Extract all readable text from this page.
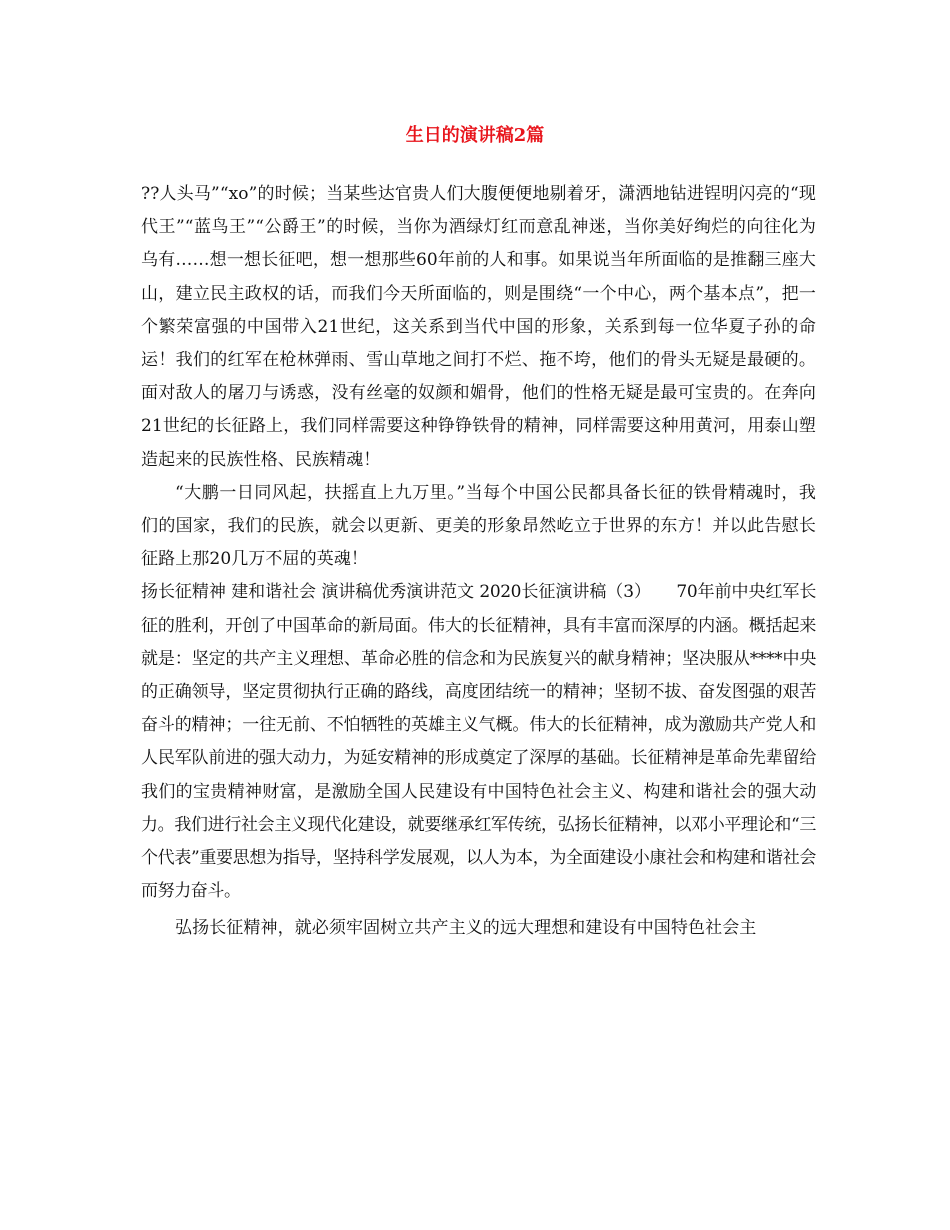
生日的演讲稿2篇

??人头马”“xo”的时候；当某些达官贵人们大腹便便地剔着牙，潇洒地钻进锃明闪亮的“现代王”“蓝鸟王”“公爵王”的时候，当你为酒绿灯红而意乱神迷，当你美好绚烂的向往化为乌有……想一想长征吧，想一想那些60年前的人和事。如果说当年所面临的是推翻三座大山，建立民主政权的话，而我们今天所面临的，则是围绕“一个中心，两个基本点”，把一个繁荣富强的中国带入21世纪，这关系到当代中国的形象，关系到每一位华夏子孙的命运！我们的红军在枪林弹雨、雪山草地之间打不烂、拖不垮，他们的骨头无疑是最硬的。面对敌人的屠刀与诱惑，没有丝毫的奴颜和媚骨，他们的性格无疑是最可宝贵的。在奔向21世纪的长征路上，我们同样需要这种铮铮铁骨的精神，同样需要这种用黄河，用泰山塑造起来的民族性格、民族精魂！

“大鹏一日同风起，扶摇直上九万里。”当每个中国公民都具备长征的铁骨精魂时，我们的国家，我们的民族，就会以更新、更美的形象昂然屹立于世界的东方！并以此告慰长征路上那20几万不屈的英魂！

扬长征精神 建和谐社会 演讲稿优秀演讲范文 2020长征演讲稿（3）　　70年前中央红军长征的胜利，开创了中国革命的新局面。伟大的长征精神，具有丰富而深厚的内涵。概括起来就是：坚定的共产主义理想、革命必胜的信念和为民族复兴的献身精神；坚决服从****中央的正确领导，坚定贯彻执行正确的路线，高度团结统一的精神；坚韧不拔、奋发图强的艰苦奋斗的精神；一往无前、不怕牺牲的英雄主义气概。伟大的长征精神，成为激励共产党人和人民军队前进的强大动力，为延安精神的形成奠定了深厚的基础。长征精神是革命先辈留给我们的宝贵精神财富，是激励全国人民建设有中国特色社会主义、构建和谐社会的强大动力。我们进行社会主义现代化建设，就要继承红军传统，弘扬长征精神，以邓小平理论和“三个代表”重要思想为指导，坚持科学发展观，以人为本，为全面建设小康社会和构建和谐社会而努力奋斗。

弘扬长征精神，就必须牢固树立共产主义的远大理想和建设有中国特色社会主
